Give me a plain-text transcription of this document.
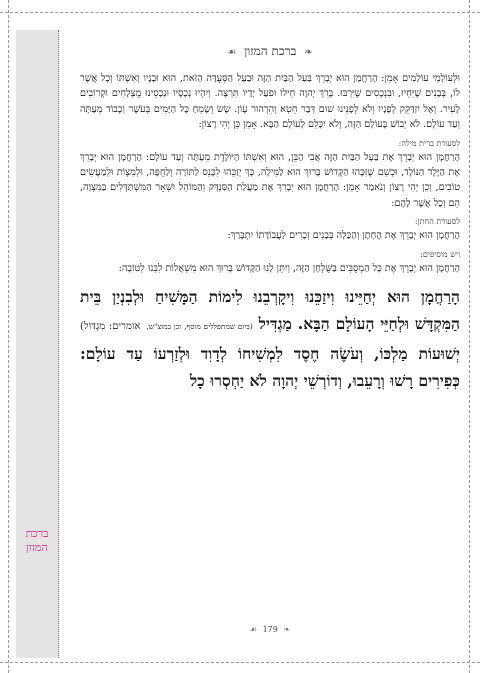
ברכת
המזון
❧ ברכת המזון ☙

וּלְעוֹלְמֵי עוֹלָמִים אָמֵן: הָרַחֲמָן הוּא יְבָרֵךְ בַּעַל הַבַּיִת הַזֶּה וּבַעַל הַסְּעֻדָּה הַזֹּאת, הוּא וּבָנָיו וְאִשְׁתּוֹ וְכָל אֲשֶׁר לוֹ, בְּבָנִים שֶׁיִּחְיוּ, וּבִנְכָסִים שֶׁיִּרְבּוּ. בָּרֵךְ יְהוָה חֵילוֹ וּפֹעַל יָדָיו תִּרְצֶה. וְיִהְיוּ נְכָסָיו וּנְכָסֵינוּ מֻצְלָחִים וּקְרוֹבִים לָעִיר. וְאַל יִזְדַּקֵּק לְפָנָיו וְלֹא לְפָנֵינוּ שׁוּם דְּבַר חֵטְא וְהִרְהוּר עָוֹן. שָׂשׂ וְשָׂמֵחַ כָּל הַיָּמִים בְּעֹשֶׁר וְכָבוֹד מֵעַתָּה וְעַד עוֹלָם. לֹא יֵבוֹשׁ בָּעוֹלָם הַזֶּה, וְלֹא יִכָּלֵם לָעוֹלָם הַבָּא. אָמֵן כֵּן יְהִי רָצוֹן:

לסעודת ברית מילה:

הָרַחֲמָן הוּא יְבָרֵךְ אֶת בַּעַל הַבַּיִת הַזֶּה אֲבִי הַבֵּן, הוּא וְאִשְׁתּוֹ הַיּוֹלֶדֶת מֵעַתָּה וְעַד עוֹלָם: הָרַחֲמָן הוּא יְבָרֵךְ אֶת הַיֶּלֶד הַנּוֹלָד, וּכְשֵׁם שֶׁזִּכָּהוּ הַקָּדוֹשׁ בָּרוּךְ הוּא לַמִּילָה, כָּךְ יְזַכֵּהוּ לִכָּנֵס לַתּוֹרָה וְלַחֻפָּה, וּלְמִצְוֹת וּלְמַעֲשִׂים טוֹבִים, וְכֵן יְהִי רָצוֹן וְנֹאמַר אָמֵן: הָרַחֲמָן הוּא יְבָרֵךְ אֶת מַעֲלַת הַסַּנְדָּק וְהַמּוֹהֵל וּשְׁאָר הַמִּשְׁתַּדְּלִים בַּמִּצְוָה, הֵם וְכָל אֲשֶׁר לָהֶם:

לסעודת החתן:

הָרַחֲמָן הוּא יְבָרֵךְ אֶת הֶחָתָן וְהַכַּלָּה בְּבָנִים זְכָרִים לַעֲבוֹדָתוֹ יִתְבָּרַךְ:

ויש מוסיפים:

הָרַחֲמָן הוּא יְבָרֵךְ אֶת כָּל הַמְסֻבִּים בַּשֻּׁלְחָן הַזֶּה, וְיִתֵּן לָנוּ הַקָּדוֹשׁ בָּרוּךְ הוּא מִשְׁאֲלוֹת לִבֵּנוּ לְטוֹבָה:

הָרַחֲמָן הוּא יְחַיֵּינוּ וִיזַכֵּנוּ וִיקָרְבֵנוּ לִימוֹת הַמָּשִׁיחַ וּלְבִנְיַן בֵּית הַמִּקְדָּשׁ וּלְחַיֵּי הָעוֹלָם הַבָּא. מַגְדִּיל (ביום שמתפללים מוסף, וכן במוצ"ש, אומרים: מִגְדּוֹל) יְשׁוּעוֹת מַלְכּוֹ, וְעֹשֶׂה חֶסֶד לִמְשִׁיחוֹ לְדָוִד וּלְזַרְעוֹ עַד עוֹלָם: כְּפִירִים רָשׁוּ וְרָעֵבוּ, וְדוֹרְשֵׁי יְהוָה לֹא יַחְסְרוּ כָל

❧ 179 ☙
